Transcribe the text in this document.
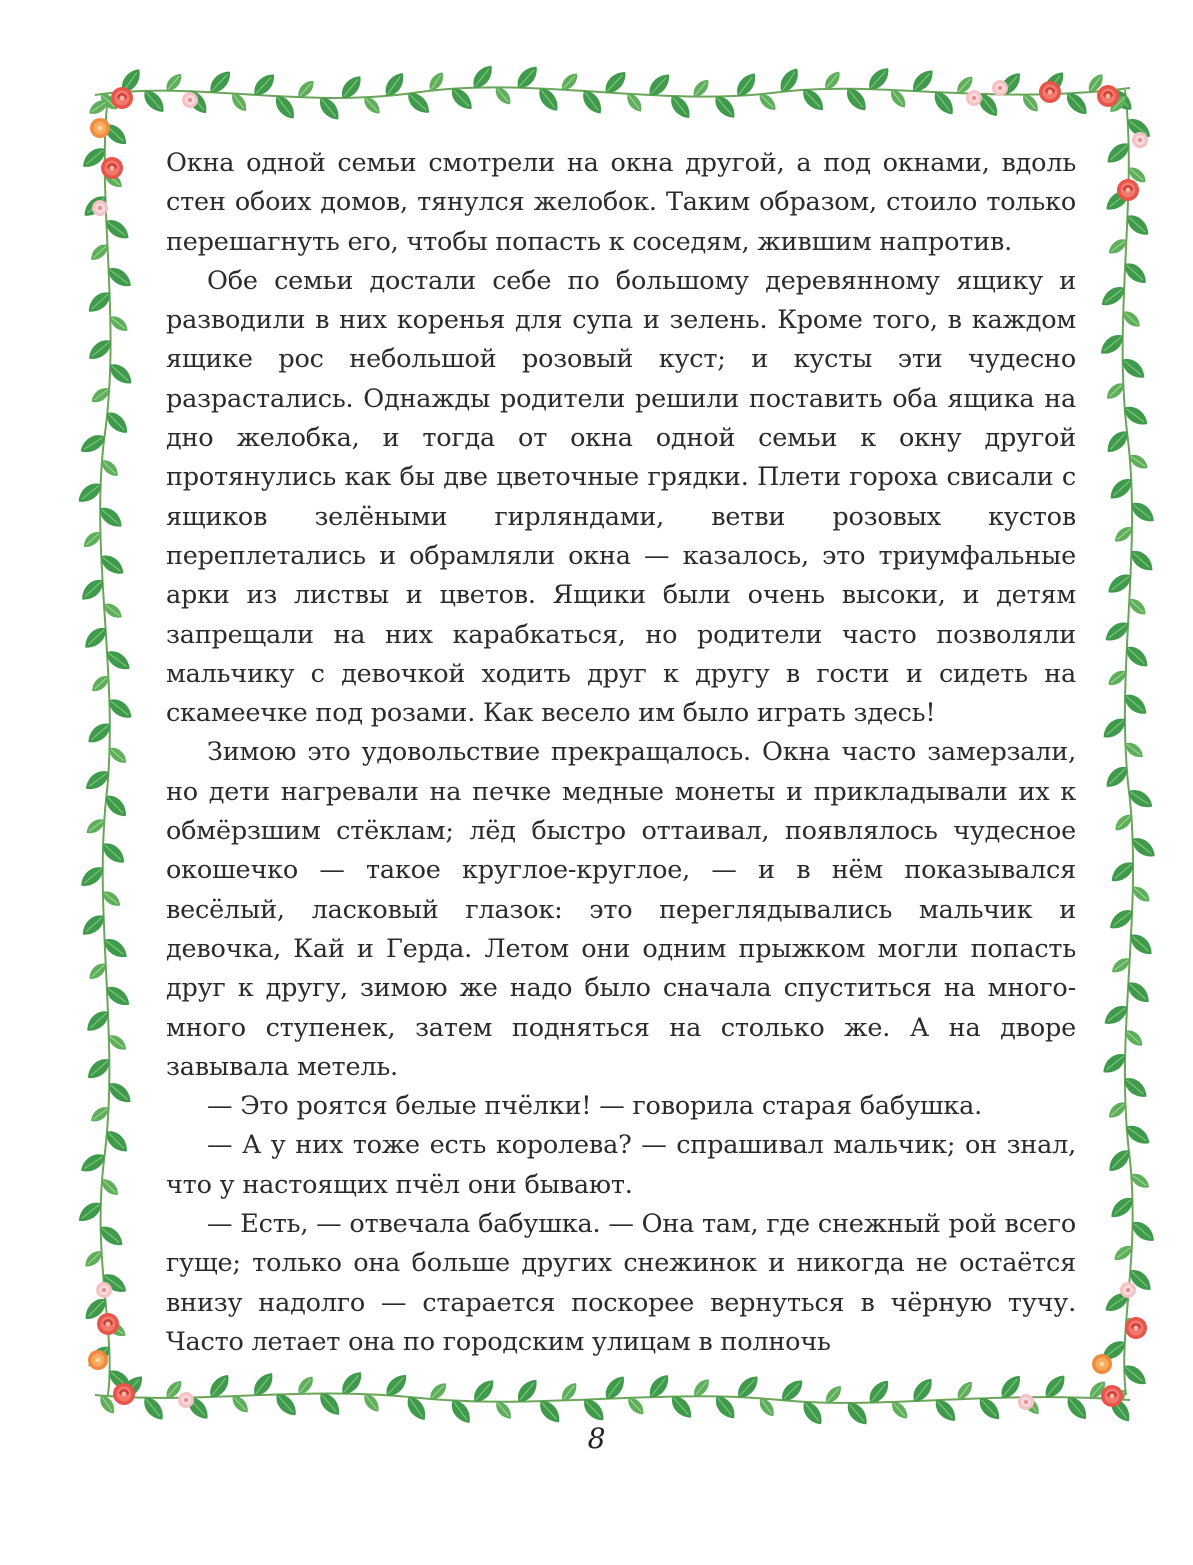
Окна одной семьи смотрели на окна другой, а под окнами, вдоль стен обоих домов, тянулся желобок. Таким образом, стоило только перешагнуть его, чтобы попасть к соседям, жившим напротив.

Обе семьи достали себе по большому деревянному ящику и разводили в них коренья для супа и зелень. Кроме того, в каждом ящике рос небольшой розовый куст; и кусты эти чудесно разрастались. Однажды родители решили поставить оба ящика на дно желобка, и тогда от окна одной семьи к окну другой протянулись как бы две цветочные грядки. Плети гороха свисали с ящиков зелёными гирляндами, ветви розовых кустов переплетались и обрамляли окна — казалось, это триумфальные арки из листвы и цветов. Ящики были очень высоки, и детям запрещали на них карабкаться, но родители часто позволяли мальчику с девочкой ходить друг к другу в гости и сидеть на скамеечке под розами. Как весело им было играть здесь!

Зимою это удовольствие прекращалось. Окна часто замерзали, но дети нагревали на печке медные монеты и прикладывали их к обмёрзшим стёклам; лёд быстро оттаивал, появлялось чудесное окошечко — такое круглое-круглое, — и в нём показывался весёлый, ласковый глазок: это переглядывались мальчик и девочка, Кай и Герда. Летом они одним прыжком могли попасть друг к другу, зимою же надо было сначала спуститься на много-много ступенек, затем подняться на столько же. А на дворе завывала метель.

— Это роятся белые пчёлки! — говорила старая бабушка.

— А у них тоже есть королева? — спрашивал мальчик; он знал, что у настоящих пчёл они бывают.

— Есть, — отвечала бабушка. — Она там, где снежный рой всего гуще; только она больше других снежинок и никогда не остаётся внизу надолго — старается поскорее вернуться в чёрную тучу. Часто летает она по городским улицам в полночь

8
